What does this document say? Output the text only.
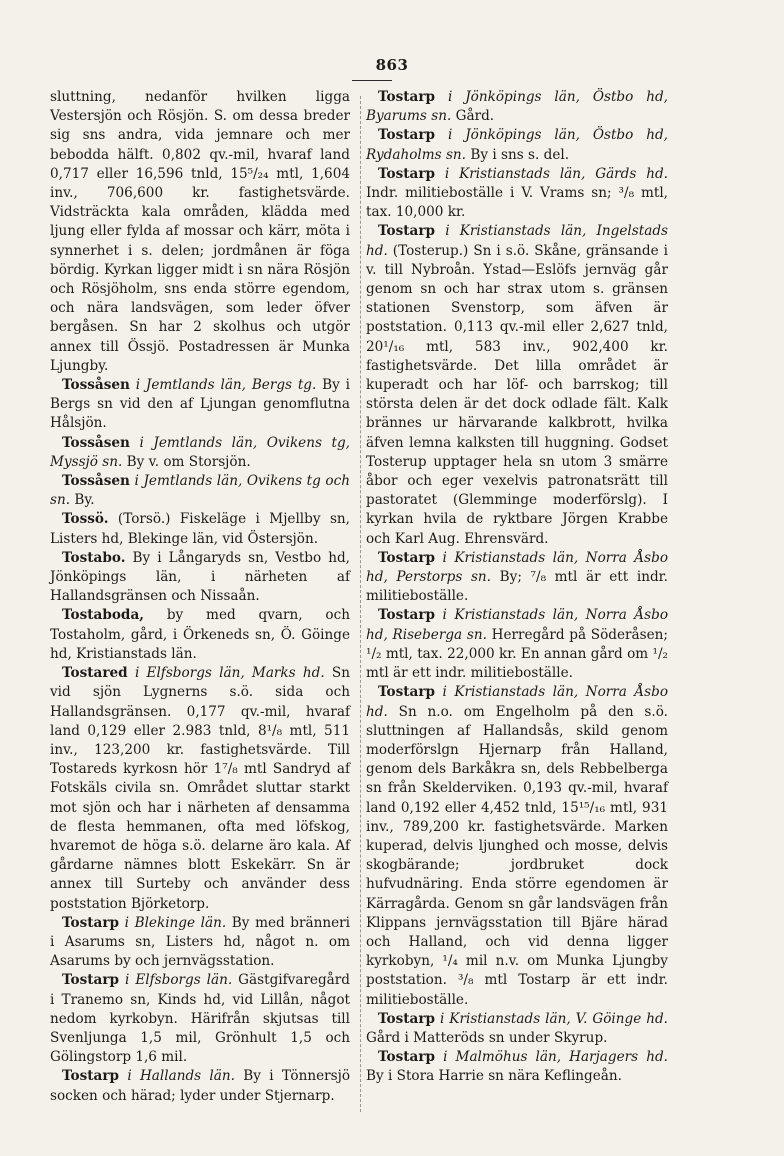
863

sluttning, nedanför hvilken ligga Vestersjön och Rösjön. S. om dessa breder sig sns andra, vida jemnare och mer bebodda hälft. 0,802 qv.-mil, hvaraf land 0,717 eller 16,596 tnld, 15⁵/₂₄ mtl, 1,604 inv., 706,600 kr. fastighetsvärde. Vidsträckta kala områden, klädda med ljung eller fylda af mossar och kärr, möta i synnerhet i s. delen; jordmånen är föga bördig. Kyrkan ligger midt i sn nära Rösjön och Rösjöholm, sns enda större egendom, och nära landsvägen, som leder öfver bergåsen. Sn har 2 skolhus och utgör annex till Össjö. Postadressen är Munka Ljungby.

Tossåsen i Jemtlands län, Bergs tg. By i Bergs sn vid den af Ljungan genomflutna Hålsjön.

Tossåsen i Jemtlands län, Ovikens tg, Myssjö sn. By v. om Storsjön.

Tossåsen i Jemtlands län, Ovikens tg och sn. By.

Tossö. (Torsö.) Fiskeläge i Mjellby sn, Listers hd, Blekinge län, vid Östersjön.

Tostabo. By i Långaryds sn, Vestbo hd, Jönköpings län, i närheten af Hallandsgränsen och Nissaån.

Tostaboda, by med qvarn, och Tostaholm, gård, i Örkeneds sn, Ö. Göinge hd, Kristianstads län.

Tostared i Elfsborgs län, Marks hd. Sn vid sjön Lygnerns s.ö. sida och Hallandsgränsen. 0,177 qv.-mil, hvaraf land 0,129 eller 2.983 tnld, 8¹/₈ mtl, 511 inv., 123,200 kr. fastighetsvärde. Till Tostareds kyrkosn hör 1⁷/₈ mtl Sandryd af Fotskäls civila sn. Området sluttar starkt mot sjön och har i närheten af densamma de flesta hemmanen, ofta med löfskog, hvaremot de höga s.ö. delarne äro kala. Af gårdarne nämnes blott Eskekärr. Sn är annex till Surteby och använder dess poststation Björketorp.

Tostarp i Blekinge län. By med bränneri i Asarums sn, Listers hd, något n. om Asarums by och jernvägsstation.

Tostarp i Elfsborgs län. Gästgifvaregård i Tranemo sn, Kinds hd, vid Lillån, något nedom kyrkobyn. Härifrån skjutsas till Svenljunga 1,5 mil, Grönhult 1,5 och Gölingstorp 1,6 mil.

Tostarp i Hallands län. By i Tönnersjö socken och härad; lyder under Stjernarp.

Tostarp i Jönköpings län, Östbo hd, Byarums sn. Gård.

Tostarp i Jönköpings län, Östbo hd, Rydaholms sn. By i sns s. del.

Tostarp i Kristianstads län, Gärds hd. Indr. militieboställe i V. Vrams sn; ³/₈ mtl, tax. 10,000 kr.

Tostarp i Kristianstads län, Ingelstads hd. (Tosterup.) Sn i s.ö. Skåne, gränsande i v. till Nybroån. Ystad—Eslöfs jernväg går genom sn och har strax utom s. gränsen stationen Svenstorp, som äfven är poststation. 0,113 qv.-mil eller 2,627 tnld, 20¹/₁₆ mtl, 583 inv., 902,400 kr. fastighetsvärde. Det lilla området är kuperadt och har löf- och barrskog; till största delen är det dock odlade fält. Kalk brännes ur härvarande kalkbrott, hvilka äfven lemna kalksten till huggning. Godset Tosterup upptager hela sn utom 3 smärre åbor och eger vexelvis patronatsrätt till pastoratet (Glemminge moderförslg). I kyrkan hvila de ryktbare Jörgen Krabbe och Karl Aug. Ehrensvärd.

Tostarp i Kristianstads län, Norra Åsbo hd, Perstorps sn. By; ⁷/₈ mtl är ett indr. militieboställe.

Tostarp i Kristianstads län, Norra Åsbo hd, Riseberga sn. Herregård på Söderåsen; ¹/₂ mtl, tax. 22,000 kr. En annan gård om ¹/₂ mtl är ett indr. militieboställe.

Tostarp i Kristianstads län, Norra Åsbo hd. Sn n.o. om Engelholm på den s.ö. sluttningen af Hallandsås, skild genom moderförslgn Hjernarp från Halland, genom dels Barkåkra sn, dels Rebbelberga sn från Skelderviken. 0,193 qv.-mil, hvaraf land 0,192 eller 4,452 tnld, 15¹⁵/₁₆ mtl, 931 inv., 789,200 kr. fastighetsvärde. Marken kuperad, delvis ljunghed och mosse, delvis skogbärande; jordbruket dock hufvudnäring. Enda större egendomen är Kärragårda. Genom sn går landsvägen från Klippans jernvägsstation till Bjäre härad och Halland, och vid denna ligger kyrkobyn, ¹/₄ mil n.v. om Munka Ljungby poststation. ³/₈ mtl Tostarp är ett indr. militieboställe.

Tostarp i Kristianstads län, V. Göinge hd. Gård i Matteröds sn under Skyrup.

Tostarp i Malmöhus län, Harjagers hd. By i Stora Harrie sn nära Keflingeån.
